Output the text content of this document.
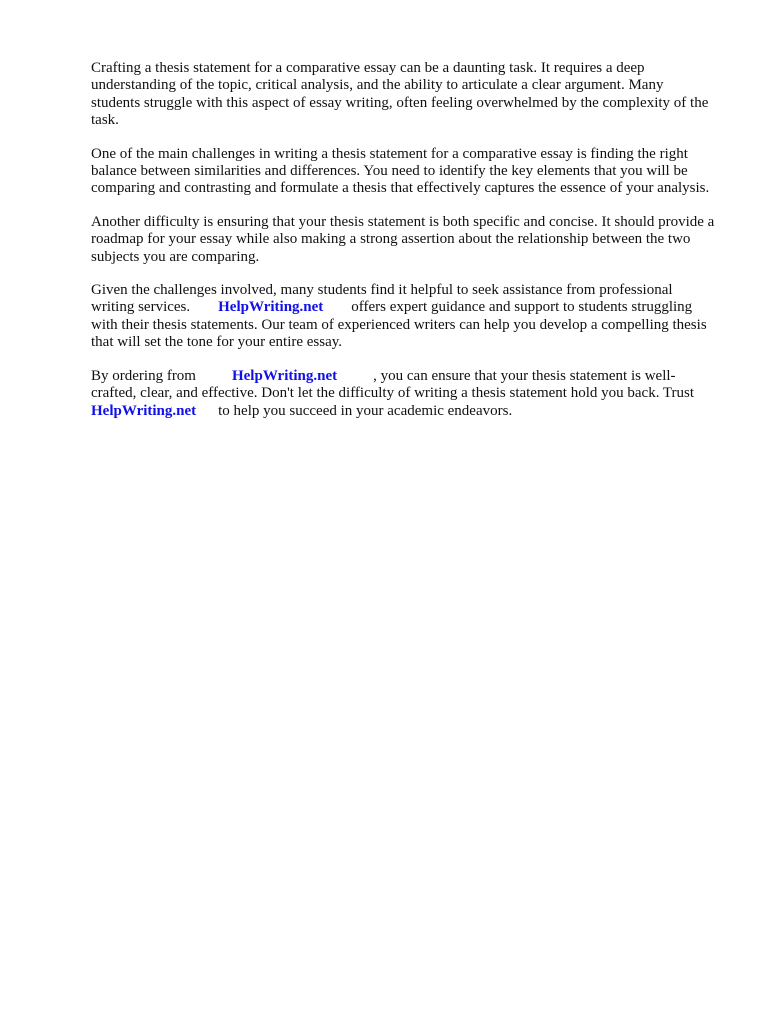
Crafting a thesis statement for a comparative essay can be a daunting task. It requires a deep understanding of the topic, critical analysis, and the ability to articulate a clear argument. Many students struggle with this aspect of essay writing, often feeling overwhelmed by the complexity of the task.

One of the main challenges in writing a thesis statement for a comparative essay is finding the right balance between similarities and differences. You need to identify the key elements that you will be comparing and contrasting and formulate a thesis that effectively captures the essence of your analysis.

Another difficulty is ensuring that your thesis statement is both specific and concise. It should provide a roadmap for your essay while also making a strong assertion about the relationship between the two subjects you are comparing.

Given the challenges involved, many students find it helpful to seek assistance from professional writing services. HelpWriting.net offers expert guidance and support to students struggling with their thesis statements. Our team of experienced writers can help you develop a compelling thesis that will set the tone for your entire essay.

By ordering from HelpWriting.net , you can ensure that your thesis statement is well-crafted, clear, and effective. Don't let the difficulty of writing a thesis statement hold you back. Trust HelpWriting.net to help you succeed in your academic endeavors.
